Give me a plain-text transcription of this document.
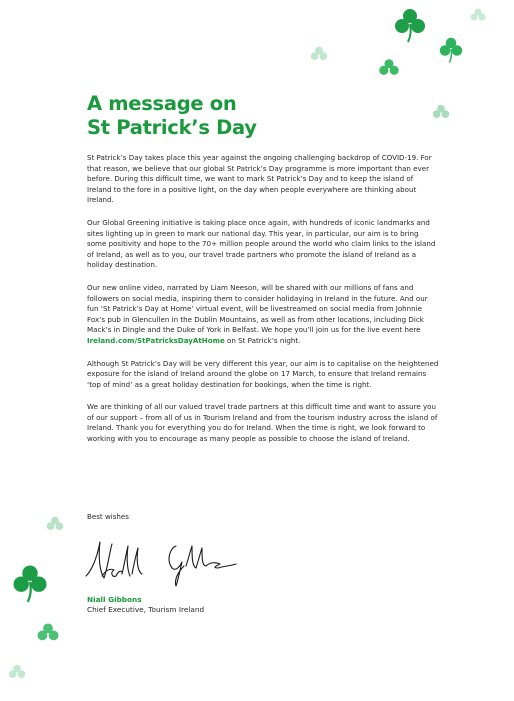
A message on
St Patrick’s Day

St Patrick’s Day takes place this year against the ongoing challenging backdrop of COVID-19. For that reason, we believe that our global St Patrick’s Day programme is more important than ever before. During this difficult time, we want to mark St Patrick’s Day and to keep the island of Ireland to the fore in a positive light, on the day when people everywhere are thinking about Ireland.

Our Global Greening initiative is taking place once again, with hundreds of iconic landmarks and sites lighting up in green to mark our national day. This year, in particular, our aim is to bring some positivity and hope to the 70+ million people around the world who claim links to the island of Ireland, as well as to you, our travel trade partners who promote the island of Ireland as a holiday destination.

Our new online video, narrated by Liam Neeson, will be shared with our millions of fans and followers on social media, inspiring them to consider holidaying in Ireland in the future. And our fun ‘St Patrick’s Day at Home’ virtual event, will be livestreamed on social media from Johnnie Fox’s pub in Glencullen in the Dublin Mountains, as well as from other locations, including Dick Mack’s in Dingle and the Duke of York in Belfast. We hope you’ll join us for the live event here Ireland.com/StPatricksDayAtHome on St Patrick’s night.

Although St Patrick’s Day will be very different this year, our aim is to capitalise on the heightened exposure for the island of Ireland around the globe on 17 March, to ensure that Ireland remains ‘top of mind’ as a great holiday destination for bookings, when the time is right.

We are thinking of all our valued travel trade partners at this difficult time and want to assure you of our support – from all of us in Tourism Ireland and from the tourism industry across the island of Ireland. Thank you for everything you do for Ireland. When the time is right, we look forward to working with you to encourage as many people as possible to choose the island of Ireland.

Best wishes
Niall Gibbons
Chief Executive, Tourism Ireland
